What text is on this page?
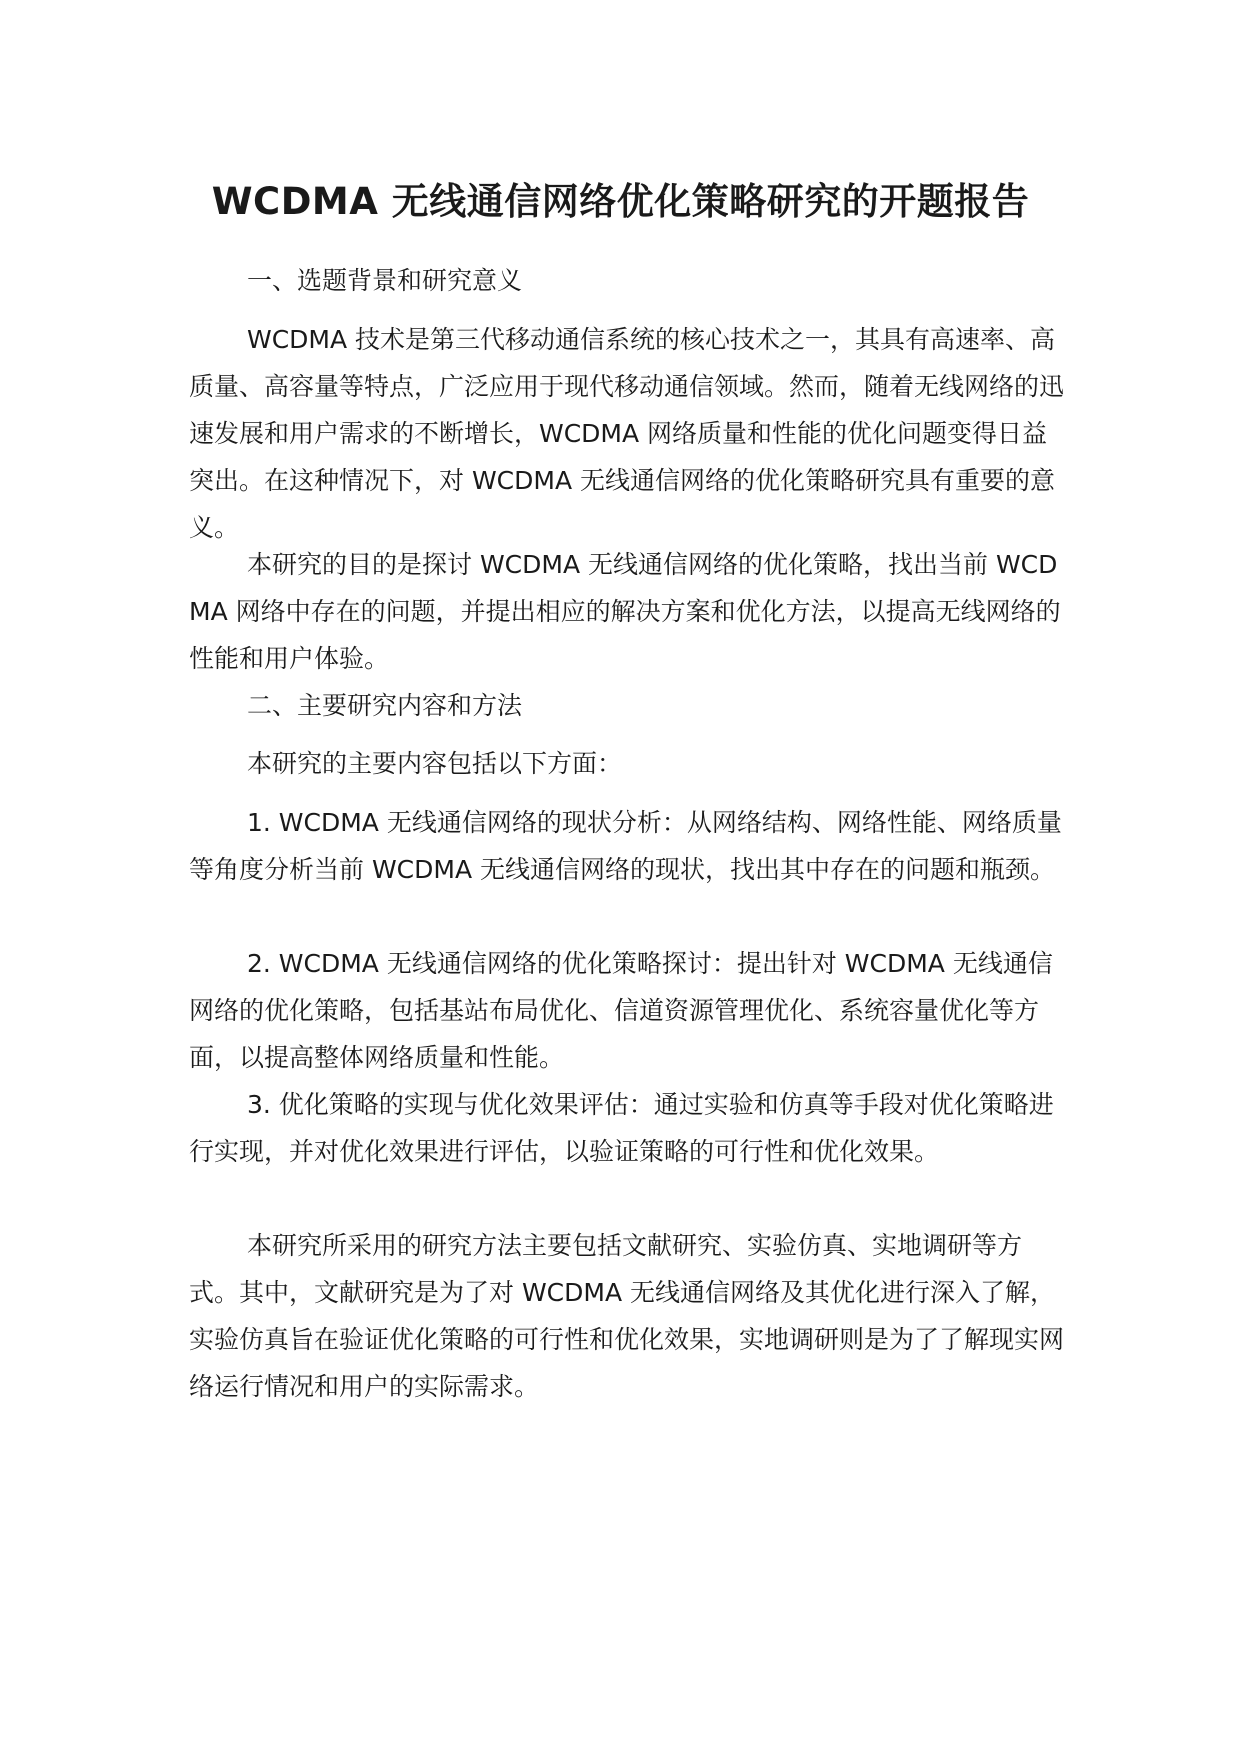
WCDMA 无线通信网络优化策略研究的开题报告

一、选题背景和研究意义

WCDMA 技术是第三代移动通信系统的核心技术之一，其具有高速率、高质量、高容量等特点，广泛应用于现代移动通信领域。然而，随着无线网络的迅速发展和用户需求的不断增长，WCDMA 网络质量和性能的优化问题变得日益突出。在这种情况下，对 WCDMA 无线通信网络的优化策略研究具有重要的意义。

本研究的目的是探讨 WCDMA 无线通信网络的优化策略，找出当前 WCDMA 网络中存在的问题，并提出相应的解决方案和优化方法，以提高无线网络的性能和用户体验。

二、主要研究内容和方法

本研究的主要内容包括以下方面：

1. WCDMA 无线通信网络的现状分析：从网络结构、网络性能、网络质量等角度分析当前 WCDMA 无线通信网络的现状，找出其中存在的问题和瓶颈。

2. WCDMA 无线通信网络的优化策略探讨：提出针对 WCDMA 无线通信网络的优化策略，包括基站布局优化、信道资源管理优化、系统容量优化等方面，以提高整体网络质量和性能。

3. 优化策略的实现与优化效果评估：通过实验和仿真等手段对优化策略进行实现，并对优化效果进行评估，以验证策略的可行性和优化效果。

本研究所采用的研究方法主要包括文献研究、实验仿真、实地调研等方式。其中，文献研究是为了对 WCDMA 无线通信网络及其优化进行深入了解，实验仿真旨在验证优化策略的可行性和优化效果，实地调研则是为了了解现实网络运行情况和用户的实际需求。
